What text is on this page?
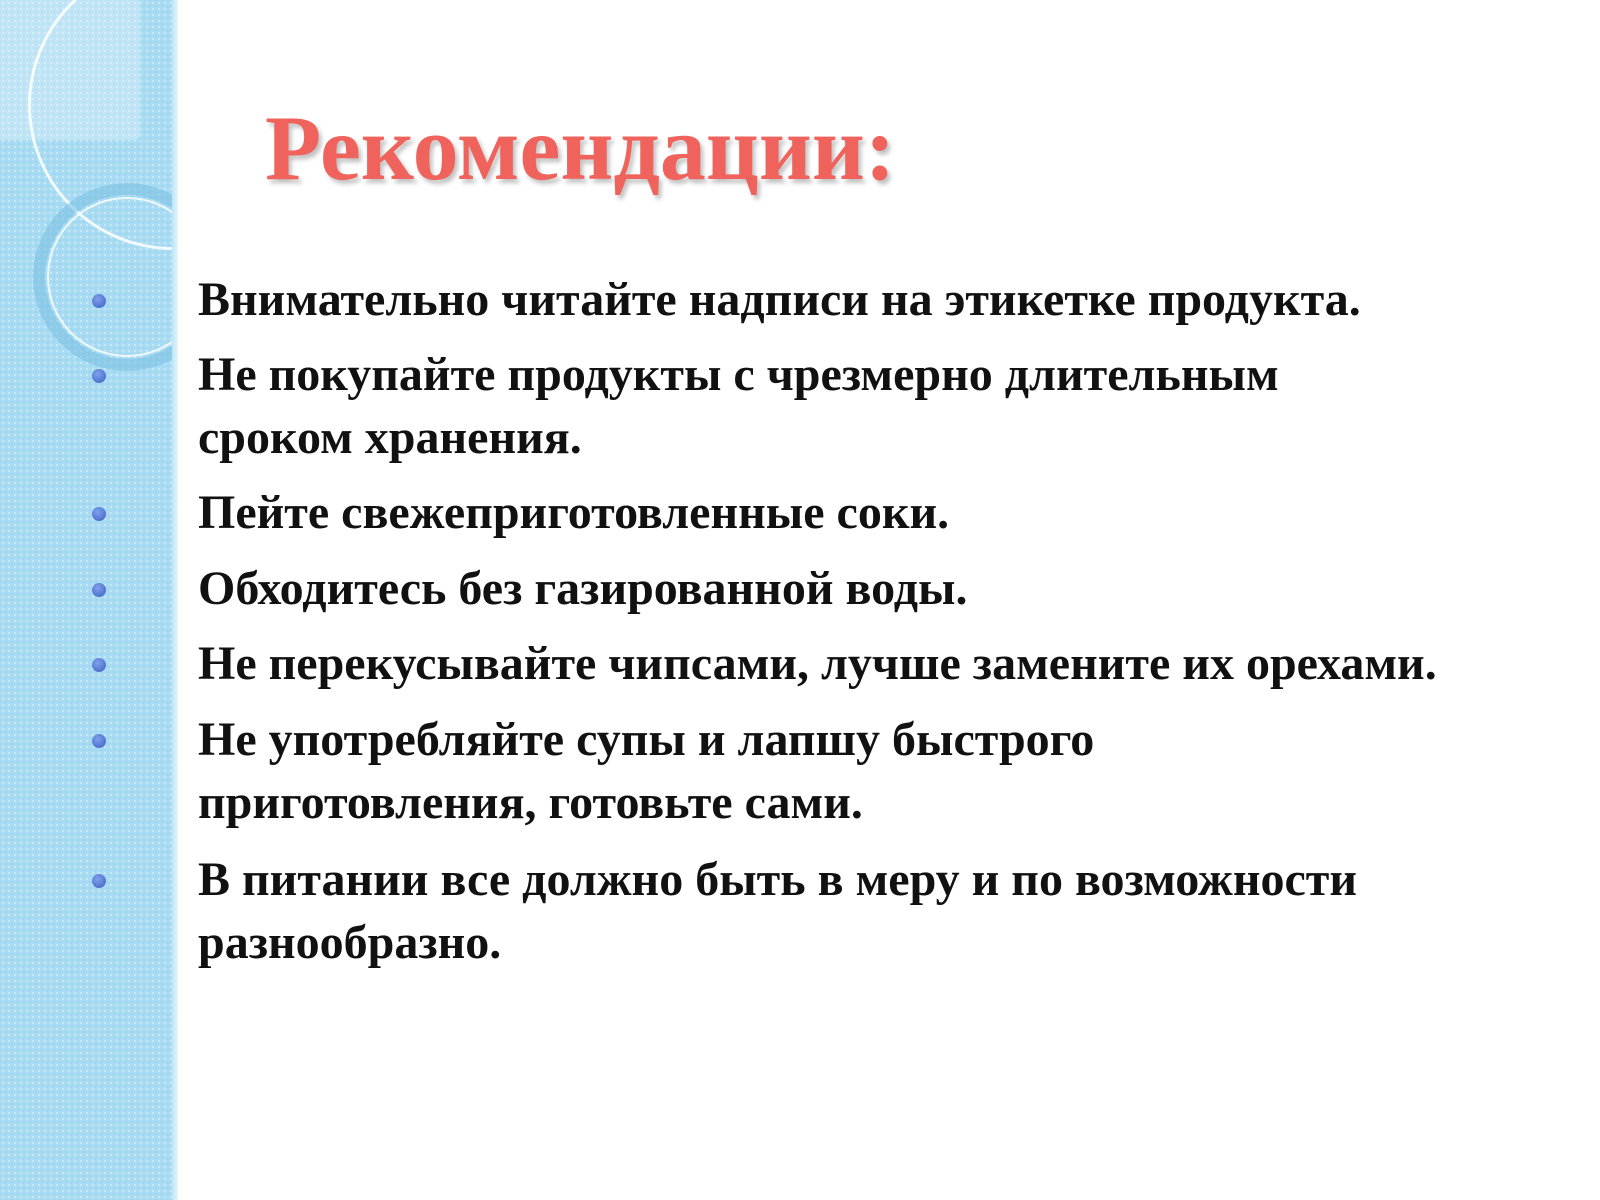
Рекомендации:
Внимательно читайте надписи на этикетке продукта.
Не покупайте продукты с чрезмерно длительным сроком хранения.
Пейте свежеприготовленные соки.
Обходитесь без газированной воды.
Не перекусывайте чипсами, лучше замените их орехами.
Не употребляйте супы и лапшу быстрого приготовления, готовьте сами.
В питании все должно быть в меру и по возможности разнообразно.
